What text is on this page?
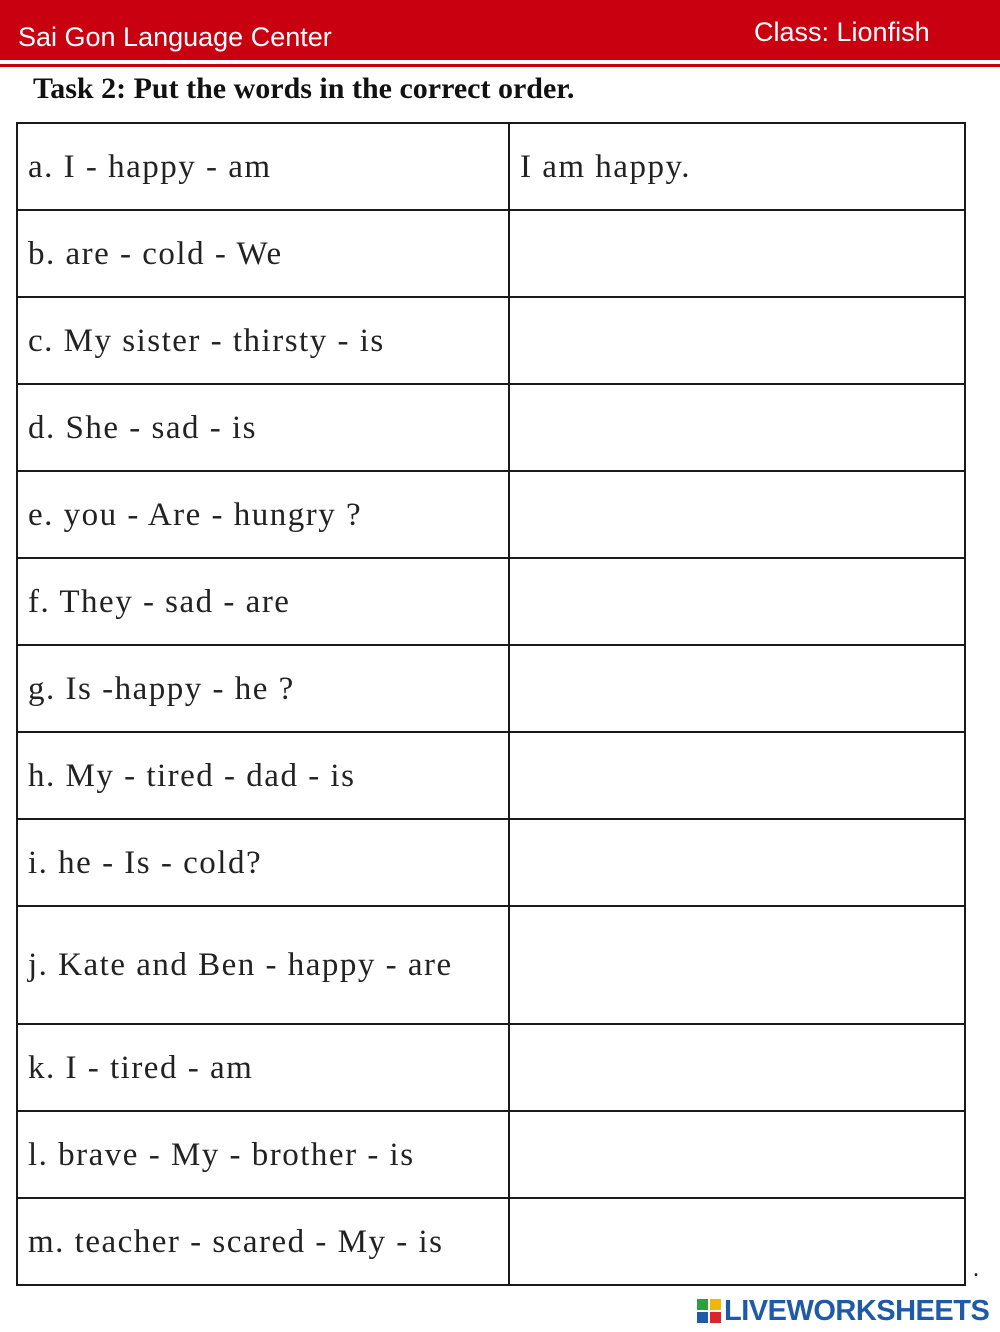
Sai Gon Language Center	Class: Lionfish
Task 2: Put the words in the correct order.
a. I - happy - am	I am happy.
b. are - cold - We	
c. My sister - thirsty - is	
d. She - sad - is	
e. you - Are - hungry ?	
f. They - sad - are	
g. Is -happy - he ?	
h. My - tired - dad - is	
i. he - Is - cold?	
j. Kate and Ben - happy - are	
k. I - tired - am	
l. brave - My - brother - is	
m. teacher - scared - My - is	
.
LIVEWORKSHEETS
